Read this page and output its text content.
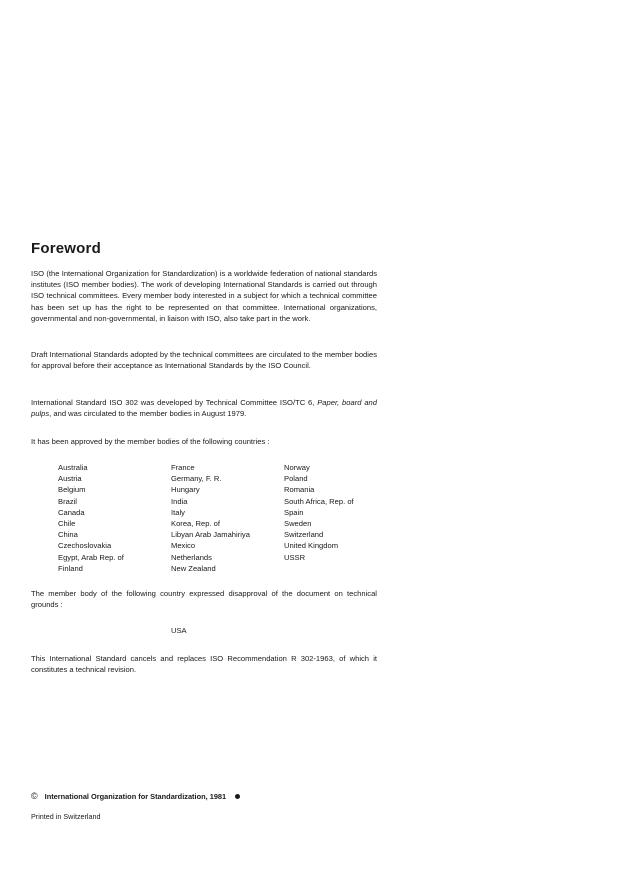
Foreword

ISO (the International Organization for Standardization) is a worldwide federation of national standards institutes (ISO member bodies). The work of developing International Standards is carried out through ISO technical committees. Every member body interested in a subject for which a technical committee has been set up has the right to be represented on that committee. International organizations, governmental and non-governmental, in liaison with ISO, also take part in the work.

Draft International Standards adopted by the technical committees are circulated to the member bodies for approval before their acceptance as International Standards by the ISO Council.

International Standard ISO 302 was developed by Technical Committee ISO/TC 6, Paper, board and pulps, and was circulated to the member bodies in August 1979.

It has been approved by the member bodies of the following countries :

Australia
Austria
Belgium
Brazil
Canada
Chile
China
Czechoslovakia
Egypt, Arab Rep. of
Finland
France
Germany, F. R.
Hungary
India
Italy
Korea, Rep. of
Libyan Arab Jamahiriya
Mexico
Netherlands
New Zealand
Norway
Poland
Romania
South Africa, Rep. of
Spain
Sweden
Switzerland
United Kingdom
USSR

The member body of the following country expressed disapproval of the document on technical grounds :

USA

This International Standard cancels and replaces ISO Recommendation R 302-1963, of which it constitutes a technical revision.

© International Organization for Standardization, 1981
Printed in Switzerland
